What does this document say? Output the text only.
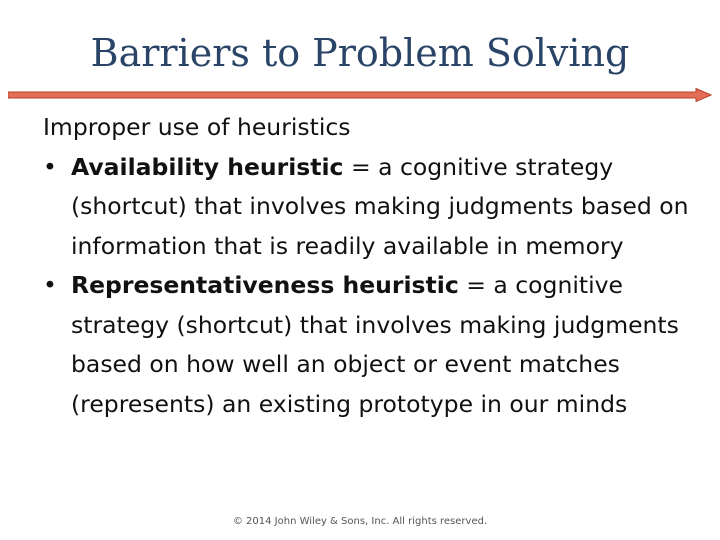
Barriers to Problem Solving

Improper use of heuristics

• Availability heuristic = a cognitive strategy (shortcut) that involves making judgments based on information that is readily available in memory
• Representativeness heuristic = a cognitive strategy (shortcut) that involves making judgments based on how well an object or event matches (represents) an existing prototype in our minds
© 2014 John Wiley & Sons, Inc. All rights reserved.
